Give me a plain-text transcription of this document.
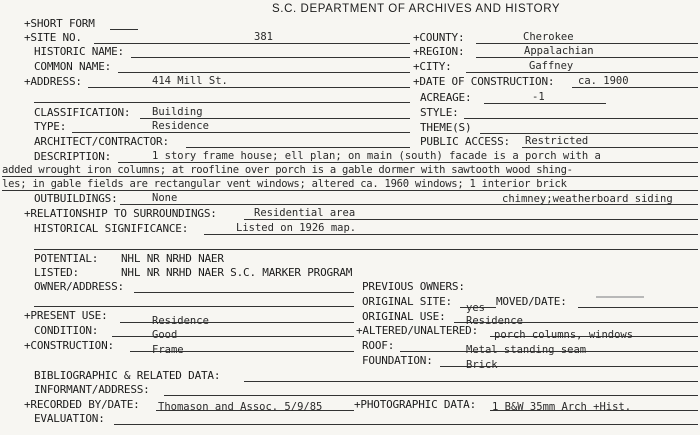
S.C. DEPARTMENT OF ARCHIVES AND HISTORY
+SHORT FORM
+SITE NO.	381	+COUNTY:	Cherokee
HISTORIC NAME:	+REGION:	Appalachian
COMMON NAME:	+CITY:	Gaffney
+ADDRESS:	414 Mill St.	+DATE OF CONSTRUCTION: ca. 1900
ACREAGE:	-1
CLASSIFICATION: Building	STYLE:
TYPE:	Residence	THEME(S)
ARCHITECT/CONTRACTOR:	PUBLIC ACCESS: Restricted
DESCRIPTION:	1 story frame house; ell plan; on main (south) facade is a porch with a
added wrought iron columns; at roofline over porch is a gable dormer with sawtooth wood shing-
les; in gable fields are rectangular vent windows; altered ca. 1960 windows; 1 interior brick
OUTBUILDINGS:	None	chimney;weatherboard siding
+RELATIONSHIP TO SURROUNDINGS:	Residential area
HISTORICAL SIGNIFICANCE:	Listed on 1926 map.
POTENTIAL: NHL NR NRHD NAER
LISTED:	NHL NR NRHD NAER S.C. MARKER PROGRAM
OWNER/ADDRESS:	PREVIOUS OWNERS:
ORIGINAL SITE: yes MOVED/DATE:
+PRESENT USE:	Residence	ORIGINAL USE: Residence
CONDITION:	Good	+ALTERED/UNALTERED: porch columns, windows
+CONSTRUCTION:	Frame	ROOF:	Metal standing seam
FOUNDATION:	Brick
BIBLIOGRAPHIC & RELATED DATA:
INFORMANT/ADDRESS:
+RECORDED BY/DATE: Thomason and Assoc. 5/9/85	+PHOTOGRAPHIC DATA: 1 B&W 35mm Arch +Hist.
EVALUATION:
